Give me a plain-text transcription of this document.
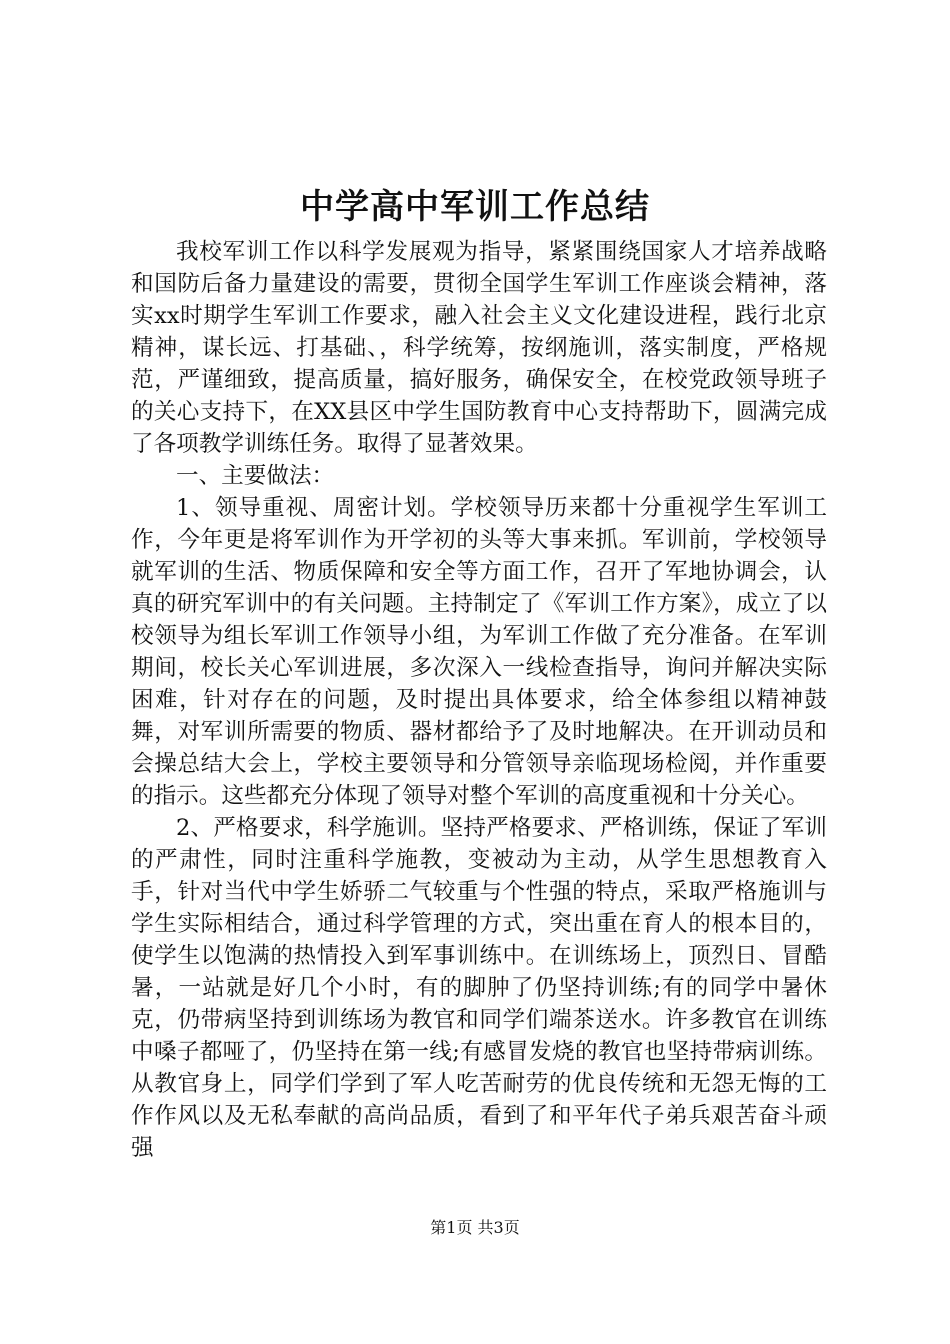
中学高中军训工作总结

我校军训工作以科学发展观为指导，紧紧围绕国家人才培养战略和国防后备力量建设的需要，贯彻全国学生军训工作座谈会精神，落实xx时期学生军训工作要求，融入社会主义文化建设进程，践行北京精神，谋长远、打基础、，科学统筹，按纲施训，落实制度，严格规范，严谨细致，提高质量，搞好服务，确保安全，在校党政领导班子的关心支持下，在XX县区中学生国防教育中心支持帮助下，圆满完成了各项教学训练任务。取得了显著效果。

一、主要做法：

1、领导重视、周密计划。学校领导历来都十分重视学生军训工作，今年更是将军训作为开学初的头等大事来抓。军训前，学校领导就军训的生活、物质保障和安全等方面工作，召开了军地协调会，认真的研究军训中的有关问题。主持制定了《军训工作方案》，成立了以校领导为组长军训工作领导小组，为军训工作做了充分准备。在军训期间，校长关心军训进展，多次深入一线检查指导，询问并解决实际困难，针对存在的问题，及时提出具体要求，给全体参组以精神鼓舞，对军训所需要的物质、器材都给予了及时地解决。在开训动员和会操总结大会上，学校主要领导和分管领导亲临现场检阅，并作重要的指示。这些都充分体现了领导对整个军训的高度重视和十分关心。

2、严格要求，科学施训。坚持严格要求、严格训练，保证了军训的严肃性，同时注重科学施教，变被动为主动，从学生思想教育入手，针对当代中学生娇骄二气较重与个性强的特点，采取严格施训与学生实际相结合，通过科学管理的方式，突出重在育人的根本目的，使学生以饱满的热情投入到军事训练中。在训练场上，顶烈日、冒酷暑，一站就是好几个小时，有的脚肿了仍坚持训练;有的同学中暑休克，仍带病坚持到训练场为教官和同学们端茶送水。许多教官在训练中嗓子都哑了，仍坚持在第一线;有感冒发烧的教官也坚持带病训练。从教官身上，同学们学到了军人吃苦耐劳的优良传统和无怨无悔的工作作风以及无私奉献的高尚品质，看到了和平年代子弟兵艰苦奋斗顽强

第1页 共3页
